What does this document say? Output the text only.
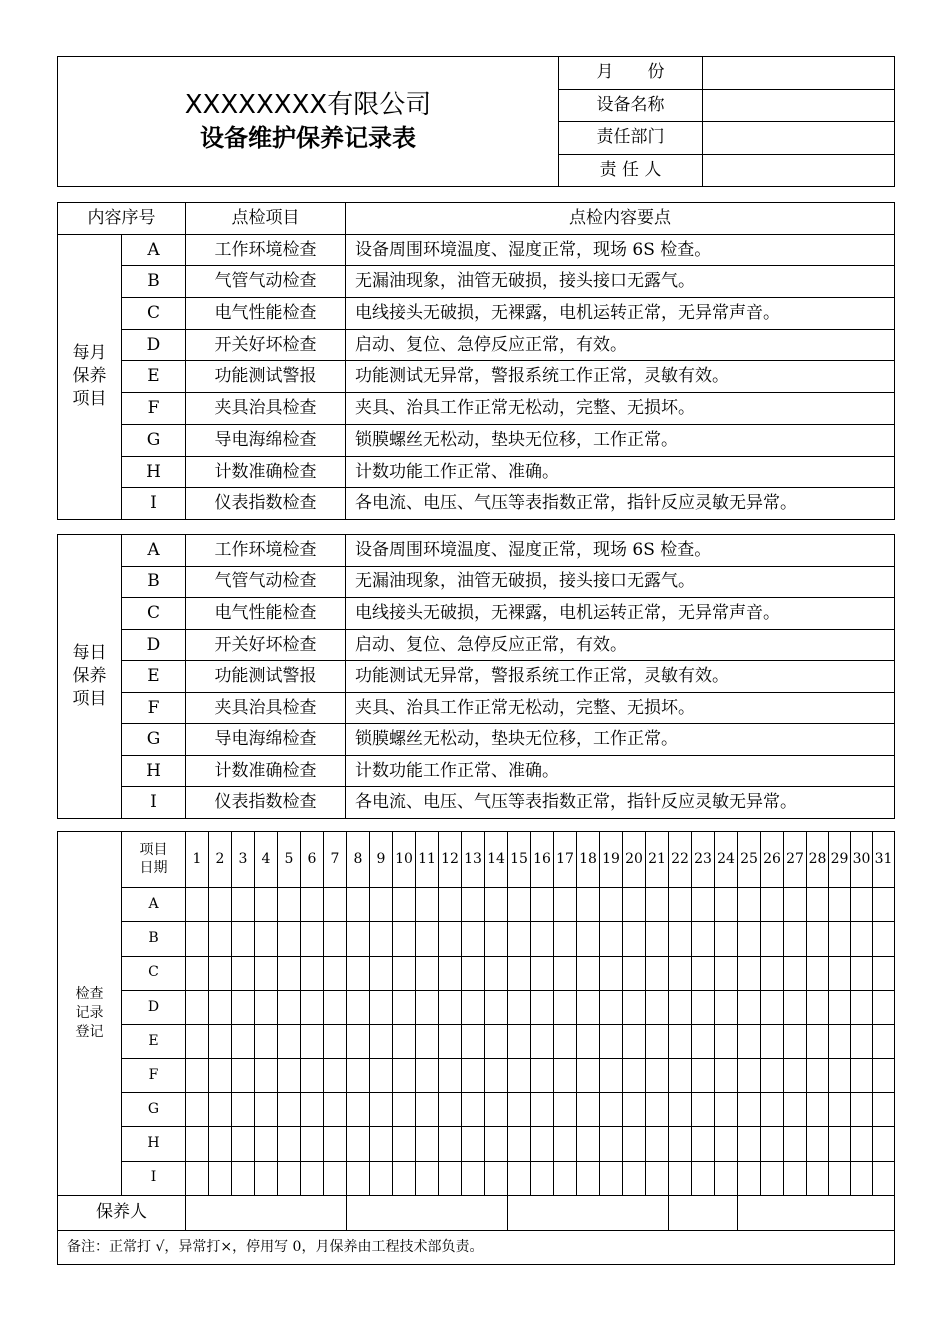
XXXXXXXX有限公司
设备维护保养记录表	月　　份	
	设备名称	
	责任部门	
	责 任 人	
内容序号		点检项目	点检内容要点

每月
保养
项目	A	工作环境检查	设备周围环境温度、湿度正常，现场 6S 检查。
	B	气管气动检查	无漏油现象，油管无破损，接头接口无露气。
	C	电气性能检查	电线接头无破损，无裸露，电机运转正常，无异常声音。
	D	开关好坏检查	启动、复位、急停反应正常，有效。
	E	功能测试警报	功能测试无异常，警报系统工作正常，灵敏有效。
	F	夹具治具检查	夹具、治具工作正常无松动，完整、无损坏。
	G	导电海绵检查	锁膜螺丝无松动，垫块无位移，工作正常。
	H	计数准确检查	计数功能工作正常、准确。
	I	仪表指数检查	各电流、电压、气压等表指数正常，指针反应灵敏无异常。
每日
保养
项目	A	工作环境检查	设备周围环境温度、湿度正常，现场 6S 检查。
	B	气管气动检查	无漏油现象，油管无破损，接头接口无露气。
	C	电气性能检查	电线接头无破损，无裸露，电机运转正常，无异常声音。
	D	开关好坏检查	启动、复位、急停反应正常，有效。
	E	功能测试警报	功能测试无异常，警报系统工作正常，灵敏有效。
	F	夹具治具检查	夹具、治具工作正常无松动，完整、无损坏。
	G	导电海绵检查	锁膜螺丝无松动，垫块无位移，工作正常。
	H	计数准确检查	计数功能工作正常、准确。
	I	仪表指数检查	各电流、电压、气压等表指数正常，指针反应灵敏无异常。
检查
记录
登记	项目
日期	1	2	3	4	5	6	7	8	9	10	11	12	13	14	15	16	17	18	19	20	21	22	23	24	25	26	27	28	29	30	31
	A																															
	B																															
	C																															
	D																															
	E																															
	F																															
	G																															
	H																															
	I																															
保养人																																
备注：正常打 √，异常打×，停用写 0，月保养由工程技术部负责。																																
